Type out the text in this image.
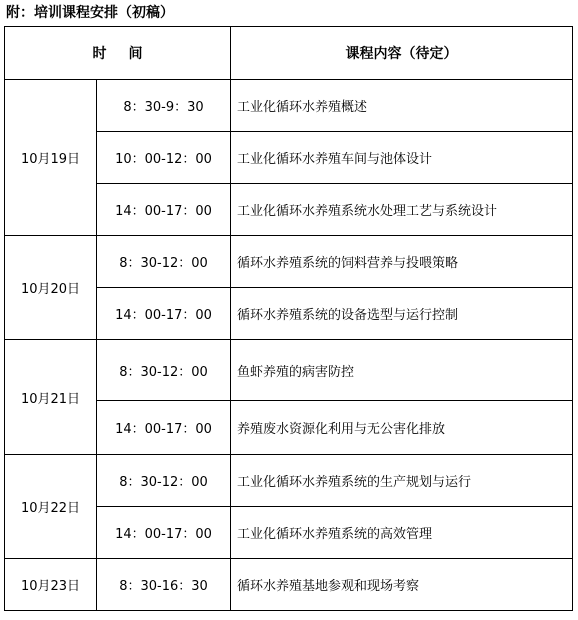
附：培训课程安排（初稿）
时间		课程内容（待定）
10月19日	8：30-9：30	工业化循环水养殖概述
	10：00-12：00	工业化循环水养殖车间与池体设计
	14：00-17：00	工业化循环水养殖系统水处理工艺与系统设计
10月20日	8：30-12：00	循环水养殖系统的饲料营养与投喂策略
	14：00-17：00	循环水养殖系统的设备选型与运行控制
10月21日	8：30-12：00	鱼虾养殖的病害防控
	14：00-17：00	养殖废水资源化利用与无公害化排放
10月22日	8：30-12：00	工业化循环水养殖系统的生产规划与运行
	14：00-17：00	工业化循环水养殖系统的高效管理
10月23日	8：30-16：30	循环水养殖基地参观和现场考察
